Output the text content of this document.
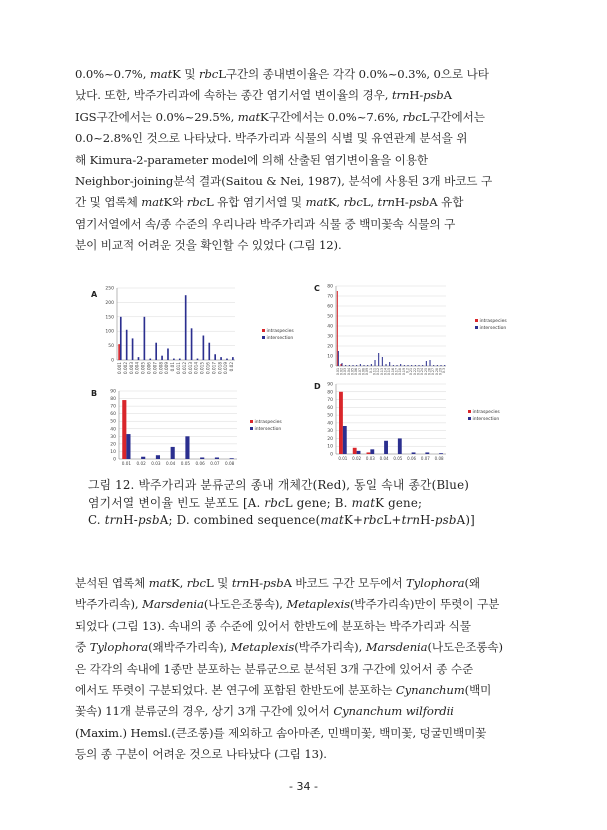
0.0%~0.7%, matK 및 rbcL구간의 종내변이율은 각각 0.0%~0.3%, 0으로 나타
났다. 또한, 박주가리과에 속하는 종간 염기서열 변이율의 경우, trnH-psbA
IGS구간에서는 0.0%~29.5%, matK구간에서는 0.0%~7.6%, rbcL구간에서는
0.0~2.8%인 것으로 나타났다. 박주가리과 식물의 식별 및 유연관계 분석을 위
해 Kimura-2-parameter model에 의해 산출된 염기변이율을 이용한
Neighbor-joining분석 결과(Saitou & Nei, 1987), 분석에 사용된 3개 바코드 구
간 및 엽록체 matK와 rbcL 유합 염기서열 및 matK, rbcL, trnH-psbA 유합
염기서열에서 속/종 수준의 우리나라 박주가리과 식물 중 백미꽃속 식물의 구
분이 비교적 어려운 것을 확인할 수 있었다 (그림 12).
A
0
50
100
150
200
250
0.001 0.002 0.003 0.004 0.005 0.006 0.007 0.008 0.009 0.01 0.011 0.012 0.013 0.014 0.015 0.016 0.017 0.018 0.019 0.02
intraspecies
intersection
C
0
10
20
30
40
50
60
70
80
0.01 0.02 0.03 0.04 0.05 0.06 0.07 0.08 0.09 0.1 0.11 0.12 0.13 0.14 0.15 0.16 0.17 0.18 0.19 0.2 0.21 0.22 0.23 0.24 0.25 0.26 0.27 0.28 0.29 0.3
intraspecies
intersection
B
0
10
20
30
40
50
60
70
80
90
0.01 0.02 0.03 0.04 0.05 0.06 0.07 0.08
intraspecies
intersection
D
0
10
20
30
40
50
60
70
80
90
0.01 0.02 0.03 0.04 0.05 0.06 0.07 0.08
intraspecies
intersection
그림 12. 박주가리과 분류군의 종내 개체간(Red), 동일 속내 종간(Blue)
염기서열 변이율 빈도 분포도 [A. rbcL gene; B. matK gene;
C. trnH-psbA; D. combined sequence(matK+rbcL+trnH-psbA)]
분석된 엽록체 matK, rbcL 및 trnH-psbA 바코드 구간 모두에서 Tylophora(왜
박주가리속), Marsdenia(나도은조롱속), Metaplexis(박주가리속)만이 뚜렷이 구분
되었다 (그림 13). 속내의 종 수준에 있어서 한반도에 분포하는 박주가리과 식물
중 Tylophora(왜박주가리속), Metaplexis(박주가리속), Marsdenia(나도은조롱속)
은 각각의 속내에 1종만 분포하는 분류군으로 분석된 3개 구간에 있어서 종 수준
에서도 뚜렷이 구분되었다. 본 연구에 포함된 한반도에 분포하는 Cynanchum(백미
꽃속) 11개 분류군의 경우, 상기 3개 구간에 있어서 Cynanchum wilfordii
(Maxim.) Hemsl.(큰조롱)를 제외하고 솜아마존, 민백미꽃, 백미꽃, 덩굴민백미꽃
등의 종 구분이 어려운 것으로 나타났다 (그림 13).
- 34 -
